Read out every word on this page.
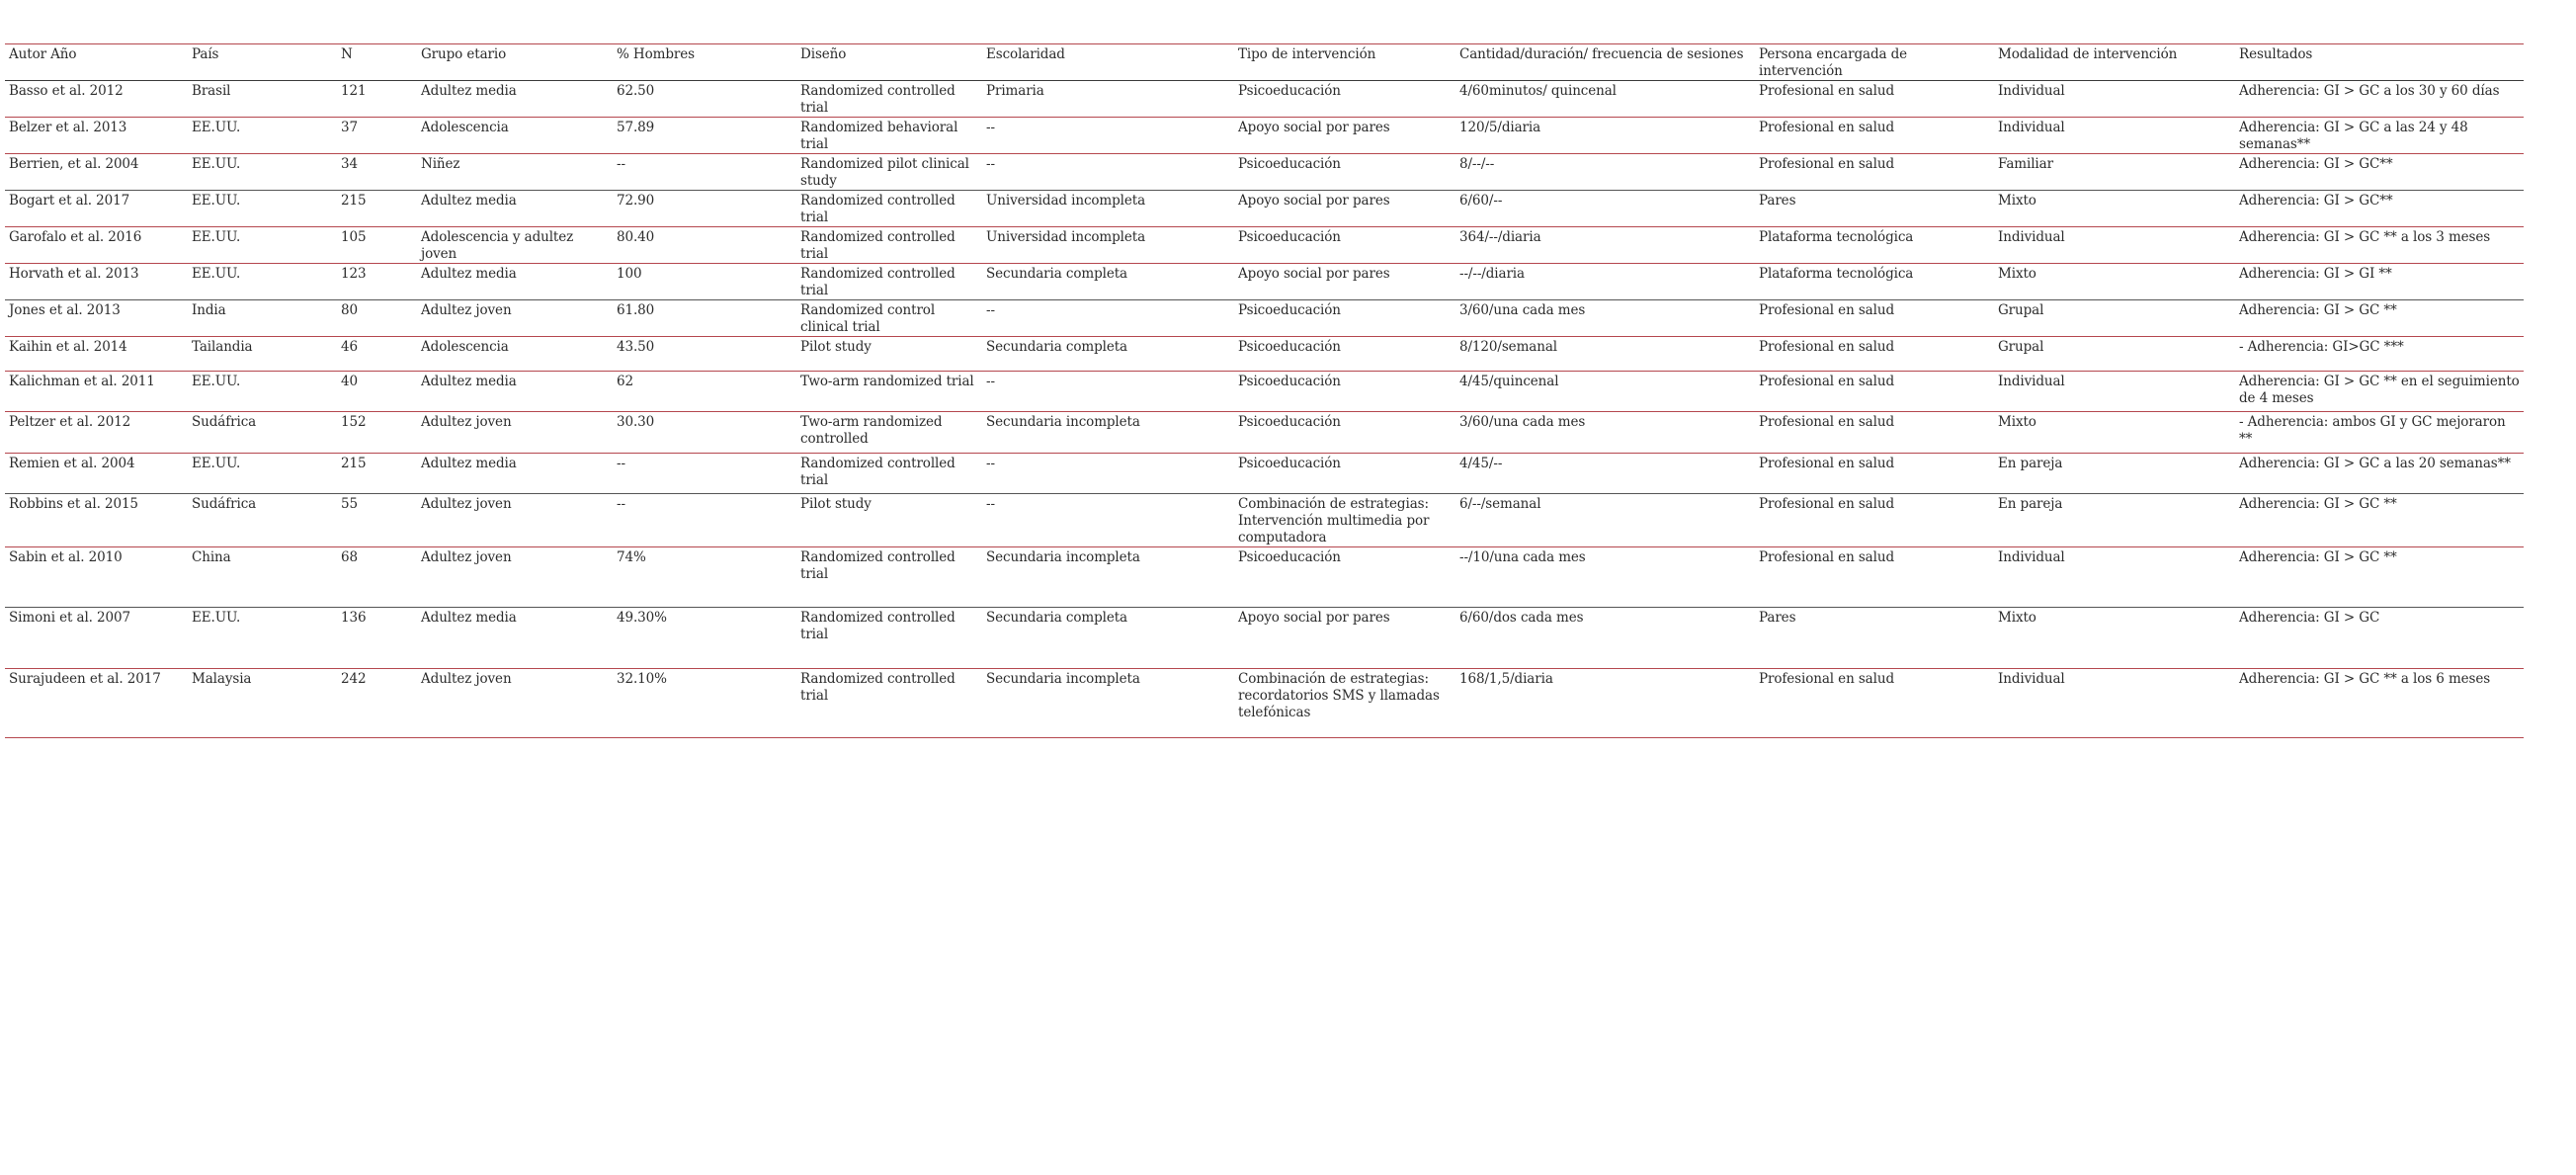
Autor Año	País	N	Grupo etario	% Hombres	Diseño	Escolaridad	Tipo de intervención	Cantidad/duración/ frecuencia de sesiones	Persona encargada de intervención	Modalidad de intervención	Resultados
Basso et al. 2012	Brasil	121	Adultez media	62.50	Randomized controlled trial	Primaria	Psicoeducación	4/60minutos/ quincenal	Profesional en salud	Individual	Adherencia: GI > GC a los 30 y 60 días
Belzer et al. 2013	EE.UU.	37	Adolescencia	57.89	Randomized behavioral trial	--	Apoyo social por pares	120/5/diaria	Profesional en salud	Individual	Adherencia: GI > GC a las 24 y 48 semanas**
Berrien, et al. 2004	EE.UU.	34	Niñez	--	Randomized pilot clinical study	--	Psicoeducación	8/--/--	Profesional en salud	Familiar	Adherencia: GI > GC**
Bogart et al. 2017	EE.UU.	215	Adultez media	72.90	Randomized controlled trial	Universidad incompleta	Apoyo social por pares	6/60/--	Pares	Mixto	Adherencia: GI > GC**
Garofalo et al. 2016	EE.UU.	105	Adolescencia y adultez joven	80.40	Randomized controlled trial	Universidad incompleta	Psicoeducación	364/--/diaria	Plataforma tecnológica	Individual	Adherencia: GI > GC ** a los 3 meses
Horvath et al. 2013	EE.UU.	123	Adultez media	100	Randomized controlled trial	Secundaria completa	Apoyo social por pares	--/--/diaria	Plataforma tecnológica	Mixto	Adherencia: GI > GI **
Jones et al. 2013	India	80	Adultez joven	61.80	Randomized control clinical trial	--	Psicoeducación	3/60/una cada mes	Profesional en salud	Grupal	Adherencia: GI > GC **
Kaihin et al. 2014	Tailandia	46	Adolescencia	43.50	Pilot study	Secundaria completa	Psicoeducación	8/120/semanal	Profesional en salud	Grupal	- Adherencia: GI>GC ***
Kalichman et al. 2011	EE.UU.	40	Adultez media	62	Two-arm randomized trial	--	Psicoeducación	4/45/quincenal	Profesional en salud	Individual	Adherencia: GI > GC ** en el seguimiento de 4 meses
Peltzer et al. 2012	Sudáfrica	152	Adultez joven	30.30	Two-arm randomized controlled	Secundaria incompleta	Psicoeducación	3/60/una cada mes	Profesional en salud	Mixto	- Adherencia: ambos GI y GC mejoraron **
Remien et al. 2004	EE.UU.	215	Adultez media	--	Randomized controlled trial	--	Psicoeducación	4/45/--	Profesional en salud	En pareja	Adherencia: GI > GC a las 20 semanas**
Robbins et al. 2015	Sudáfrica	55	Adultez joven	--	Pilot study	--	Combinación de estrategias: Intervención multimedia por computadora	6/--/semanal	Profesional en salud	En pareja	Adherencia: GI > GC **
Sabin et al. 2010	China	68	Adultez joven	74%	Randomized controlled trial	Secundaria incompleta	Psicoeducación	--/10/una cada mes	Profesional en salud	Individual	Adherencia: GI > GC **
Simoni et al. 2007	EE.UU.	136	Adultez media	49.30%	Randomized controlled trial	Secundaria completa	Apoyo social por pares	6/60/dos cada mes	Pares	Mixto	Adherencia: GI > GC
Surajudeen et al. 2017	Malaysia	242	Adultez joven	32.10%	Randomized controlled trial	Secundaria incompleta	Combinación de estrategias: recordatorios SMS y llamadas telefónicas	168/1,5/diaria	Profesional en salud	Individual	Adherencia: GI > GC ** a los 6 meses
